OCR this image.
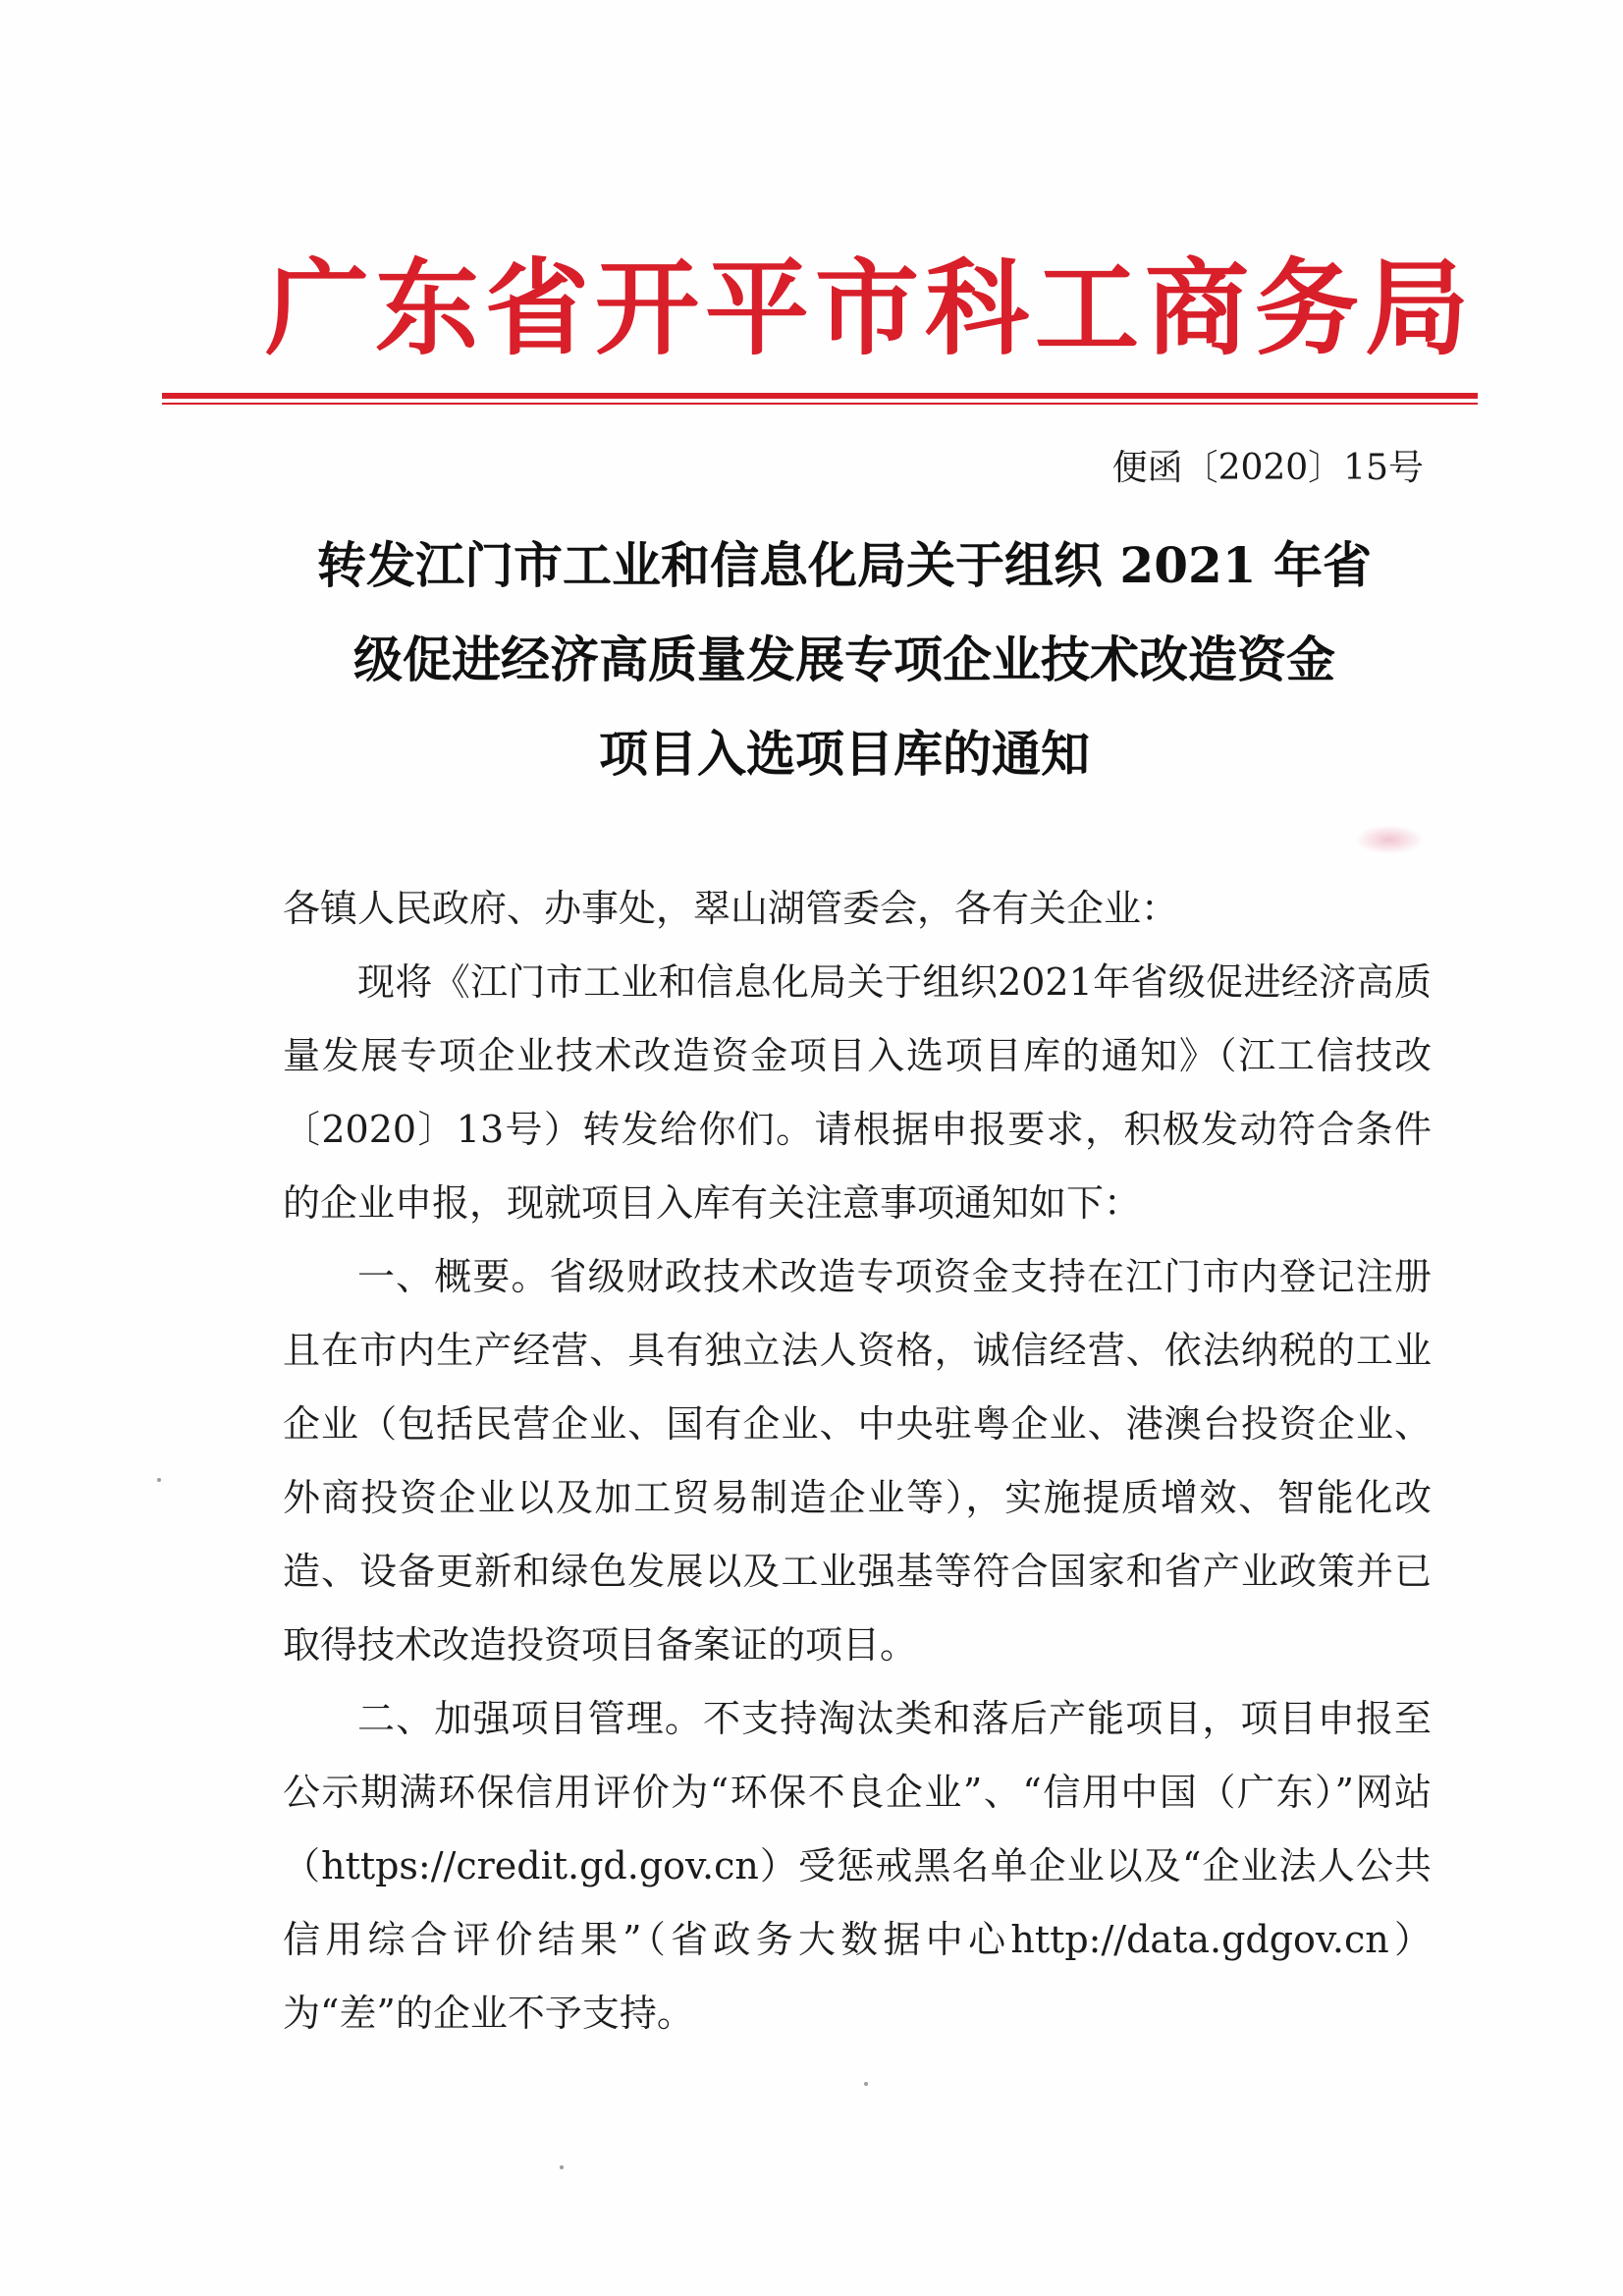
广东省开平市科工商务局
便函〔2020〕15号
转发江门市工业和信息化局关于组织 2021 年省
级促进经济高质量发展专项企业技术改造资金
项目入选项目库的通知

各镇人民政府、办事处，翠山湖管委会，各有关企业：

现将《江门市工业和信息化局关于组织2021年省级促进经济高质量发展专项企业技术改造资金项目入选项目库的通知》（江工信技改〔2020〕13号）转发给你们。请根据申报要求，积极发动符合条件的企业申报，现就项目入库有关注意事项通知如下：

一、概要。省级财政技术改造专项资金支持在江门市内登记注册且在市内生产经营、具有独立法人资格，诚信经营、依法纳税的工业企业（包括民营企业、国有企业、中央驻粤企业、港澳台投资企业、外商投资企业以及加工贸易制造企业等），实施提质增效、智能化改造、设备更新和绿色发展以及工业强基等符合国家和省产业政策并已取得技术改造投资项目备案证的项目。

二、加强项目管理。不支持淘汰类和落后产能项目，项目申报至公示期满环保信用评价为“环保不良企业”、“信用中国（广东）”网站（https://credit.gd.gov.cn）受惩戒黑名单企业以及“企业法人公共信用综合评价结果”（省政务大数据中心http://data.gdgov.cn）为“差”的企业不予支持。
